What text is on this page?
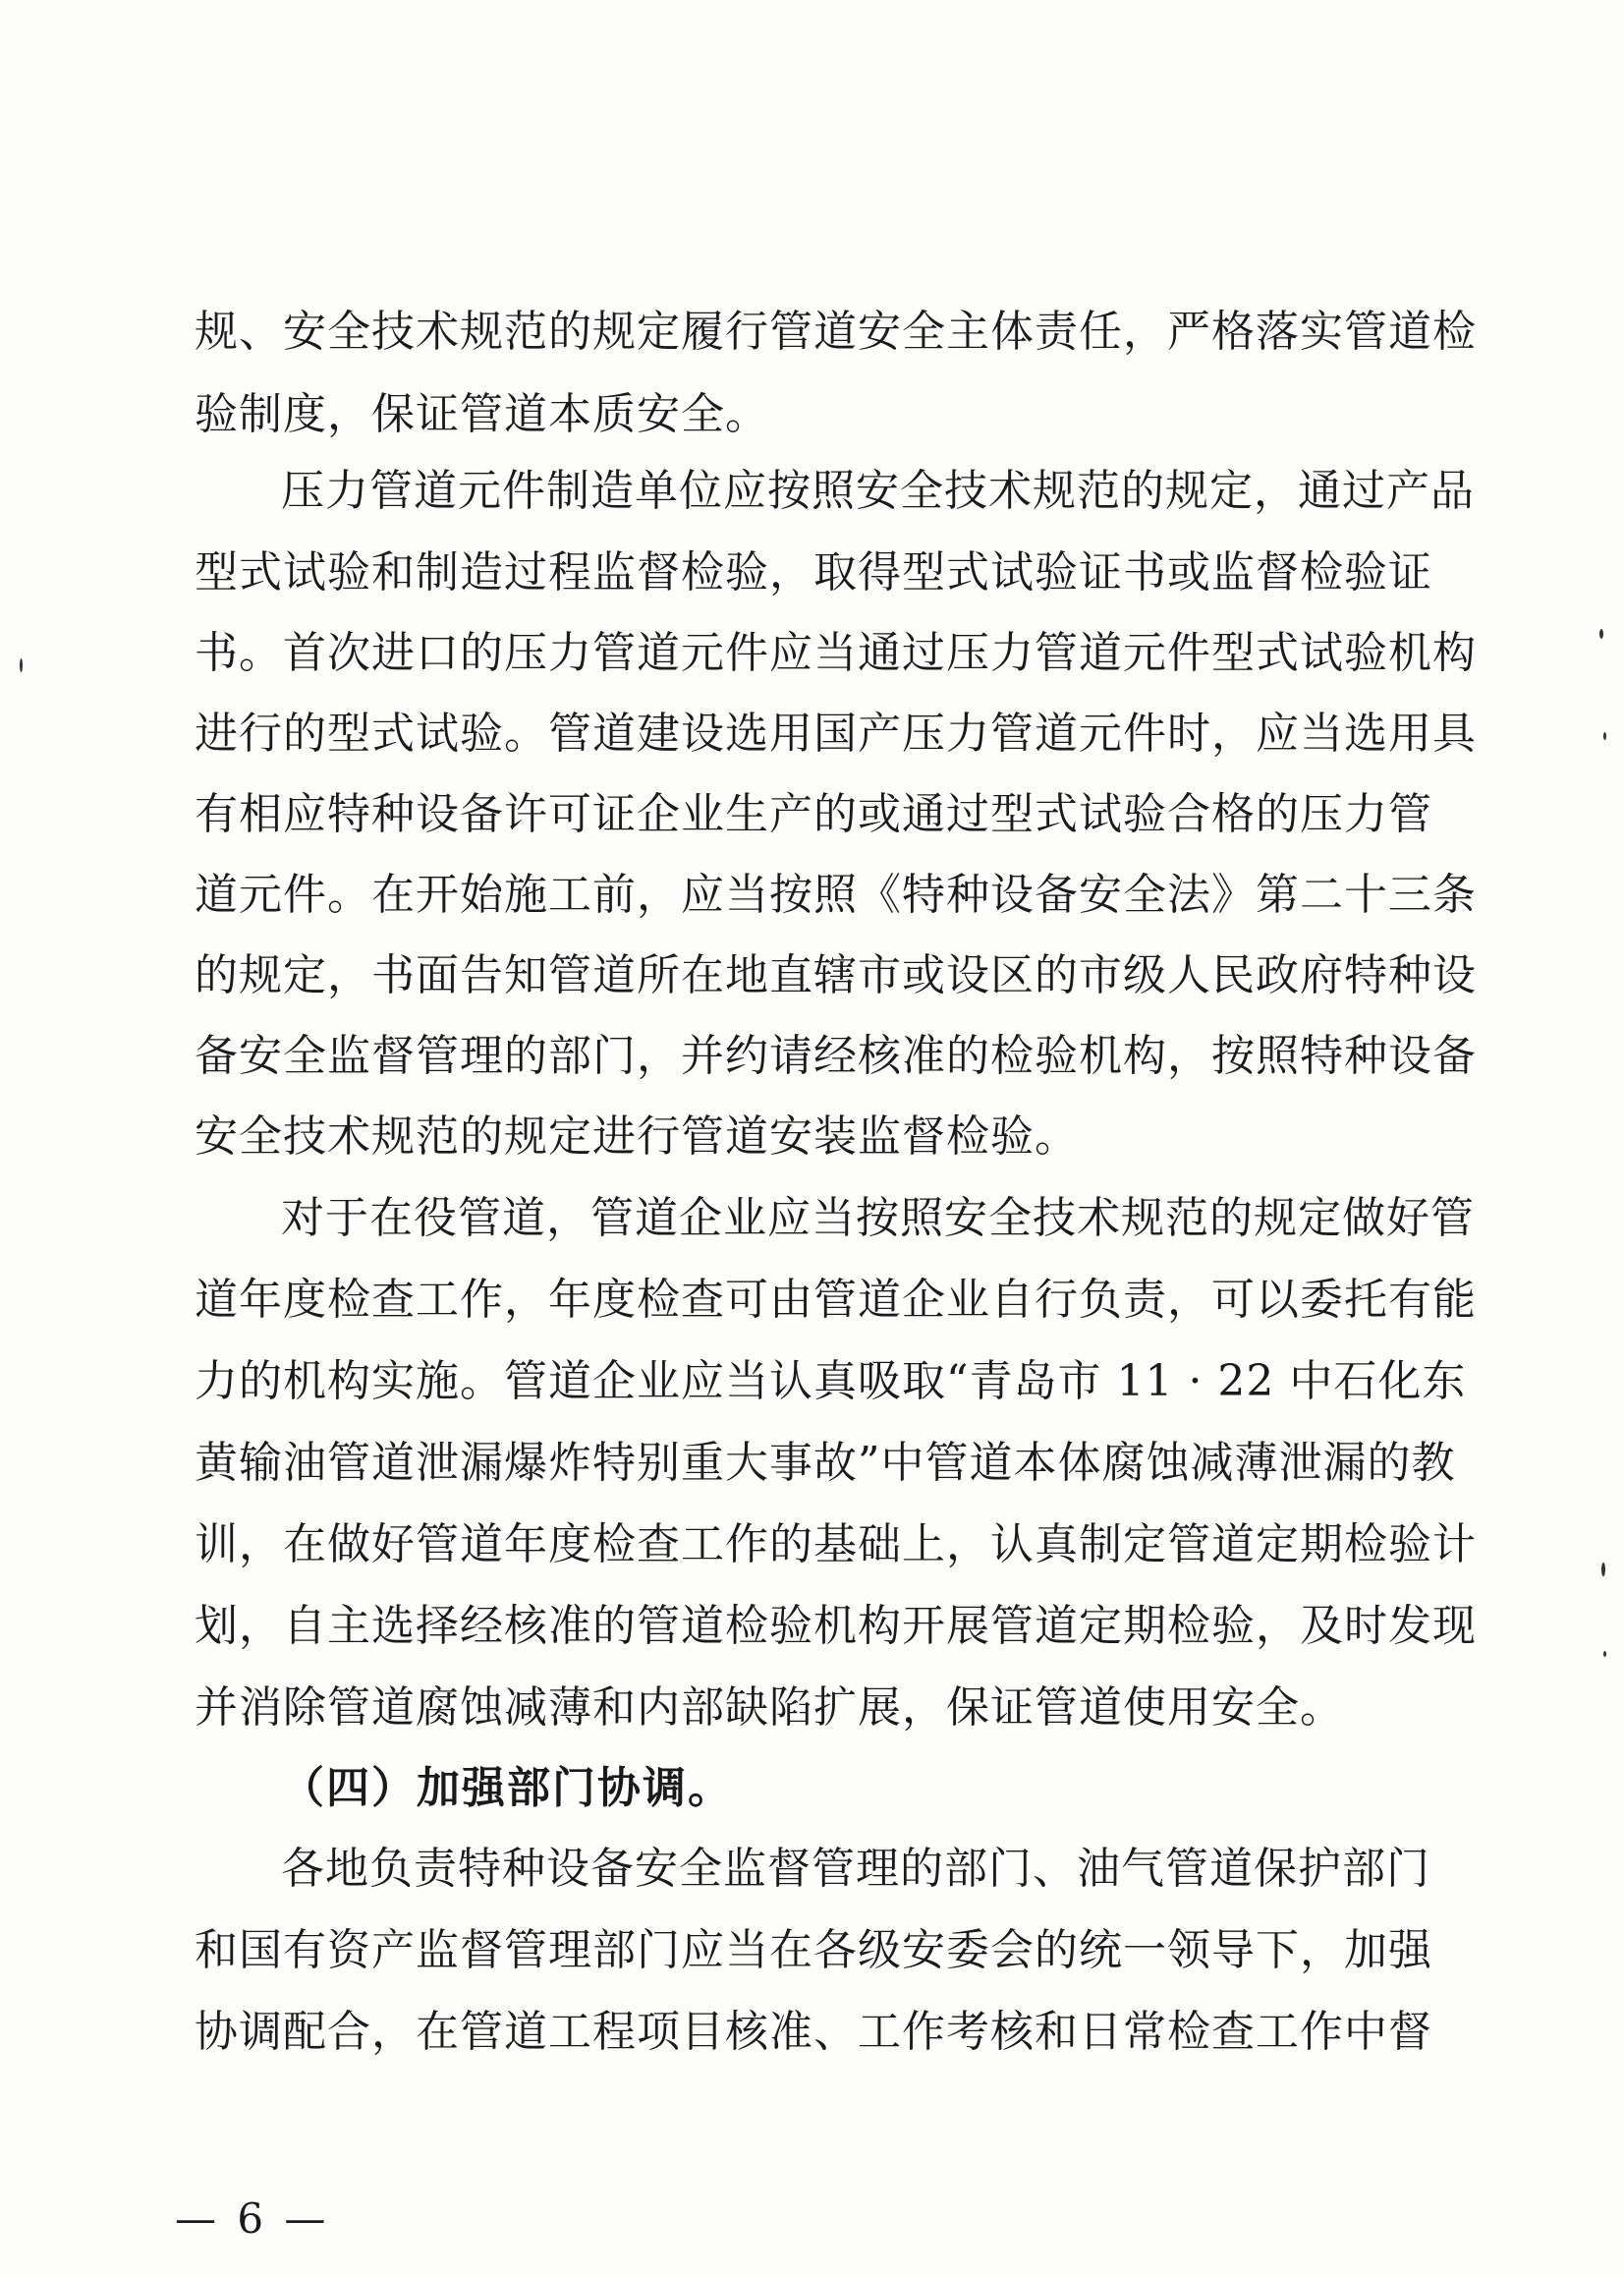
规、安全技术规范的规定履行管道安全主体责任，严格落实管道检
验制度，保证管道本质安全。
压力管道元件制造单位应按照安全技术规范的规定，通过产品
型式试验和制造过程监督检验，取得型式试验证书或监督检验证
书。首次进口的压力管道元件应当通过压力管道元件型式试验机构
进行的型式试验。管道建设选用国产压力管道元件时，应当选用具
有相应特种设备许可证企业生产的或通过型式试验合格的压力管
道元件。在开始施工前，应当按照《特种设备安全法》第二十三条
的规定，书面告知管道所在地直辖市或设区的市级人民政府特种设
备安全监督管理的部门，并约请经核准的检验机构，按照特种设备
安全技术规范的规定进行管道安装监督检验。
对于在役管道，管道企业应当按照安全技术规范的规定做好管
道年度检查工作，年度检查可由管道企业自行负责，可以委托有能
力的机构实施。管道企业应当认真吸取“青岛市 11 · 22 中石化东
黄输油管道泄漏爆炸特别重大事故”中管道本体腐蚀减薄泄漏的教
训，在做好管道年度检查工作的基础上，认真制定管道定期检验计
划，自主选择经核准的管道检验机构开展管道定期检验，及时发现
并消除管道腐蚀减薄和内部缺陷扩展，保证管道使用安全。
（四）加强部门协调。
各地负责特种设备安全监督管理的部门、油气管道保护部门
和国有资产监督管理部门应当在各级安委会的统一领导下，加强
协调配合，在管道工程项目核准、工作考核和日常检查工作中督
— 6 —
